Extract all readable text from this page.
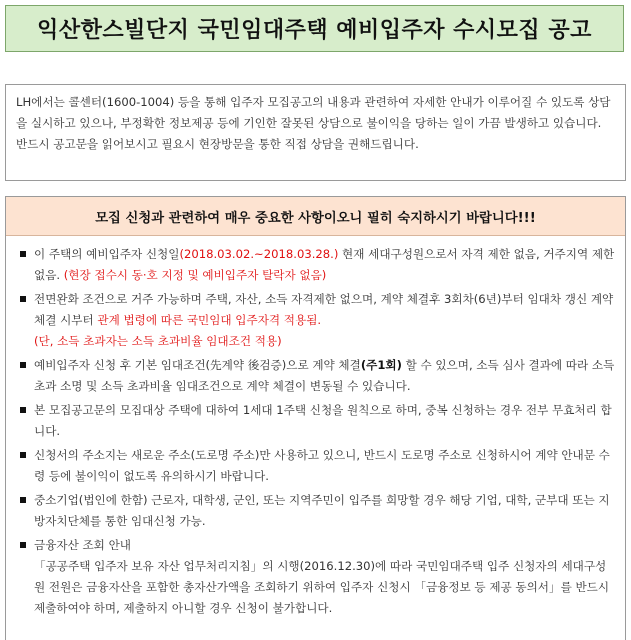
익산한스빌단지 국민임대주택 예비입주자 수시모집 공고

LH에서는 콜센터(1600-1004) 등을 통해 입주자 모집공고의 내용과 관련하여 자세한 안내가 이루어질 수 있도록 상담을 실시하고 있으나, 부정확한 정보제공 등에 기인한 잘못된 상담으로 불이익을 당하는 일이 가끔 발생하고 있습니다.

반드시 공고문을 읽어보시고 필요시 현장방문을 통한 직접 상담을 권해드립니다.

모집 신청과 관련하여 매우 중요한 사항이오니 필히 숙지하시기 바랍니다!!!
이 주택의 예비입주자 신청일(2018.03.02.~2018.03.28.) 현재 세대구성원으로서 자격 제한 없음, 거주지역 제한 없음. (현장 접수시 동·호 지정 및 예비입주자 탈락자 없음)
전면완화 조건으로 거주 가능하며 주택, 자산, 소득 자격제한 없으며, 계약 체결후 3회차(6년)부터 임대차 갱신 계약체결 시부터 관계 법령에 따른 국민임대 입주자격 적용됨.
(단, 소득 초과자는 소득 초과비율 임대조건 적용)
예비입주자 신청 후 기본 임대조건(先계약 後검증)으로 계약 체결(주1회) 할 수 있으며, 소득 심사 결과에 따라 소득 초과 소명 및 소득 초과비율 임대조건으로 계약 체결이 변동될 수 있습니다.
본 모집공고문의 모집대상 주택에 대하여 1세대 1주택 신청을 원칙으로 하며, 중복 신청하는 경우 전부 무효처리 합니다.
신청서의 주소지는 새로운 주소(도로명 주소)만 사용하고 있으니, 반드시 도로명 주소로 신청하시어 계약 안내문 수령 등에 불이익이 없도록 유의하시기 바랍니다.
중소기업(법인에 한함) 근로자, 대학생, 군인, 또는 지역주민이 입주를 희망할 경우 해당 기업, 대학, 군부대 또는 지방자치단체를 통한 임대신청 가능.
금융자산 조회 안내
「공공주택 입주자 보유 자산 업무처리지침」의 시행(2016.12.30)에 따라 국민임대주택 입주 신청자의 세대구성원 전원은 금융자산을 포함한 총자산가액을 조회하기 위하여 입주자 신청시 「금융정보 등 제공 동의서」를 반드시 제출하여야 하며, 제출하지 아니할 경우 신청이 불가합니다.
